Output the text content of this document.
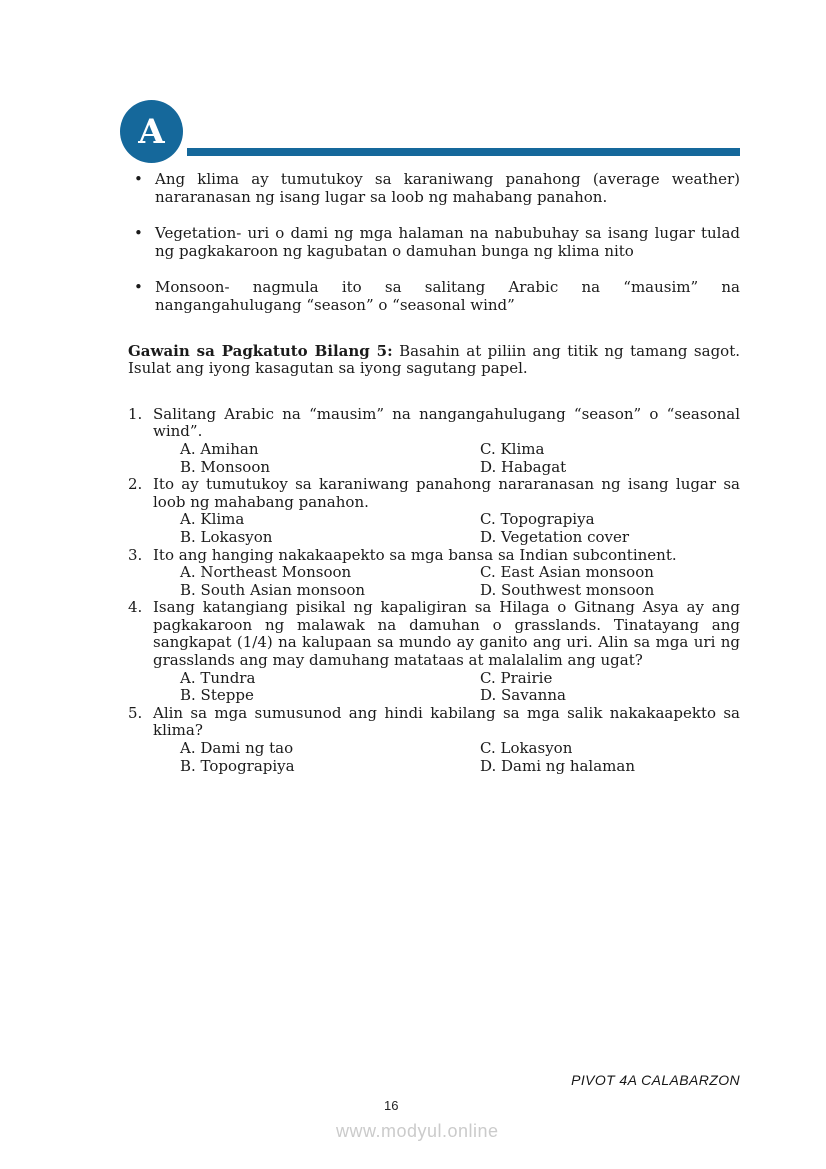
A
• Ang klima ay tumutukoy sa karaniwang panahong (average weather) nararanasan ng isang lugar sa loob ng mahabang panahon.
• Vegetation- uri o dami ng mga halaman na nabubuhay sa isang lugar tulad ng pagkakaroon ng kagubatan o damuhan bunga ng klima nito
• Monsoon- nagmula ito sa salitang Arabic na “mausim” na nangangahulugang “season” o “seasonal wind”

Gawain sa Pagkatuto Bilang 5: Basahin at piliin ang titik ng tamang sagot. Isulat ang iyong kasagutan sa iyong sagutang papel.

1. Salitang Arabic na “mausim” na nangangahulugang “season” o “seasonal wind”.
A. Amihan	C. Klima
B. Monsoon	D. Habagat
2. Ito ay tumutukoy sa karaniwang panahong nararanasan ng isang lugar sa loob ng mahabang panahon.
A. Klima	C. Topograpiya
B. Lokasyon	D. Vegetation cover
3. Ito ang hanging nakakaapekto sa mga bansa sa Indian subcontinent.
A. Northeast Monsoon	C. East Asian monsoon
B. South Asian monsoon	D. Southwest monsoon
4. Isang katangiang pisikal ng kapaligiran sa Hilaga o Gitnang Asya ay ang pagkakaroon ng malawak na damuhan o grasslands. Tinatayang ang sangkapat (1/4) na kalupaan sa mundo ay ganito ang uri. Alin sa mga uri ng grasslands ang may damuhang matataas at malalalim ang ugat?
A. Tundra	C. Prairie
B. Steppe	D. Savanna
5. Alin sa mga sumusunod ang hindi kabilang sa mga salik nakakaapekto sa klima?
A. Dami ng tao	C. Lokasyon
B. Topograpiya	D. Dami ng halaman
PIVOT 4A CALABARZON
16
www.modyul.online
